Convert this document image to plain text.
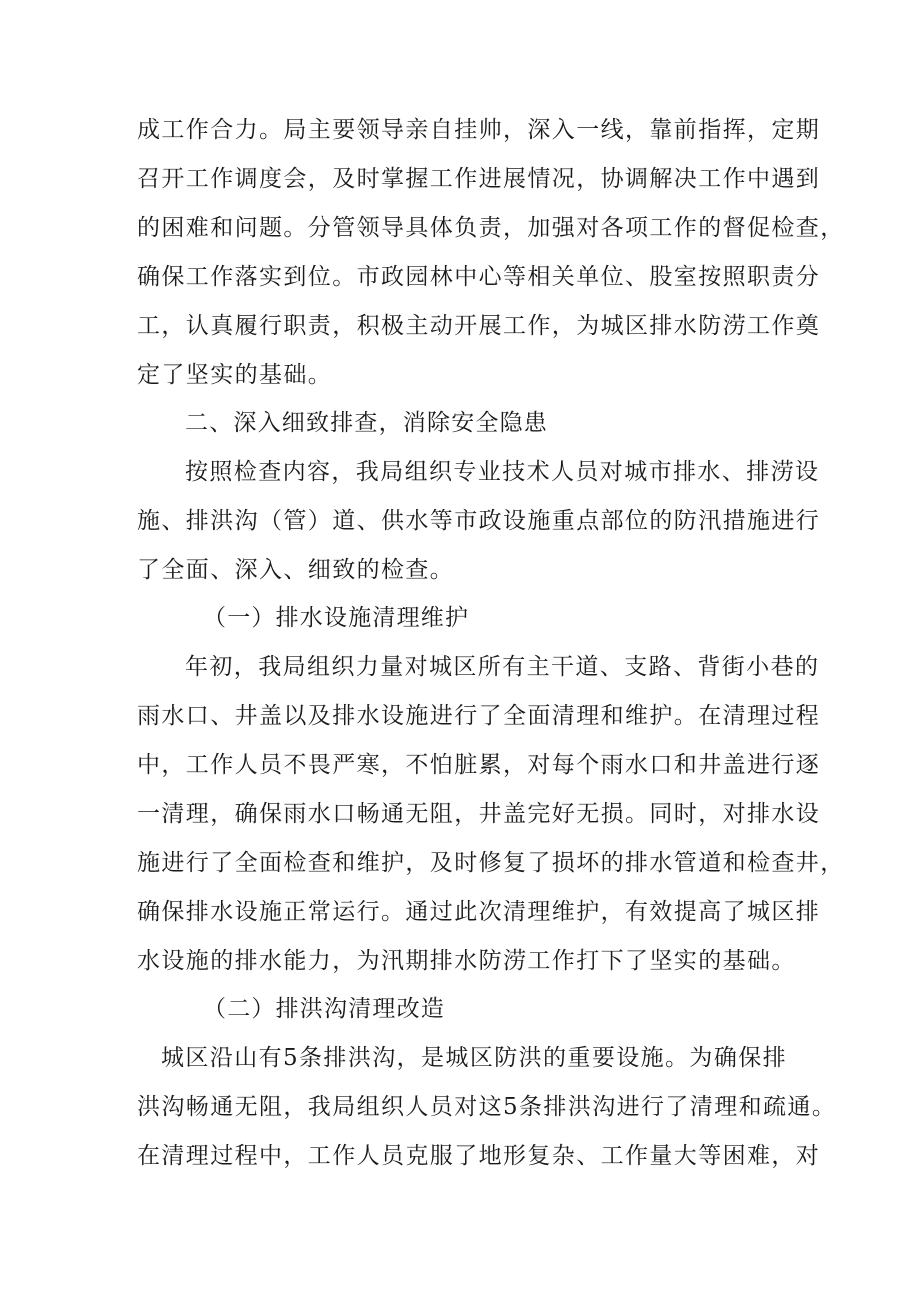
成工作合力。局主要领导亲自挂帅，深入一线，靠前指挥，定期
召开工作调度会，及时掌握工作进展情况，协调解决工作中遇到
的困难和问题。分管领导具体负责，加强对各项工作的督促检查，
确保工作落实到位。市政园林中心等相关单位、股室按照职责分
工，认真履行职责，积极主动开展工作，为城区排水防涝工作奠
定了坚实的基础。
二、深入细致排查，消除安全隐患
按照检查内容，我局组织专业技术人员对城市排水、排涝设
施、排洪沟（管）道、供水等市政设施重点部位的防汛措施进行
了全面、深入、细致的检查。
（一）排水设施清理维护
年初，我局组织力量对城区所有主干道、支路、背街小巷的
雨水口、井盖以及排水设施进行了全面清理和维护。在清理过程
中，工作人员不畏严寒，不怕脏累，对每个雨水口和井盖进行逐
一清理，确保雨水口畅通无阻，井盖完好无损。同时，对排水设
施进行了全面检查和维护，及时修复了损坏的排水管道和检查井，
确保排水设施正常运行。通过此次清理维护，有效提高了城区排
水设施的排水能力，为汛期排水防涝工作打下了坚实的基础。
（二）排洪沟清理改造
城区沿山有5条排洪沟，是城区防洪的重要设施。为确保排
洪沟畅通无阻，我局组织人员对这5条排洪沟进行了清理和疏通。
在清理过程中，工作人员克服了地形复杂、工作量大等困难，对
